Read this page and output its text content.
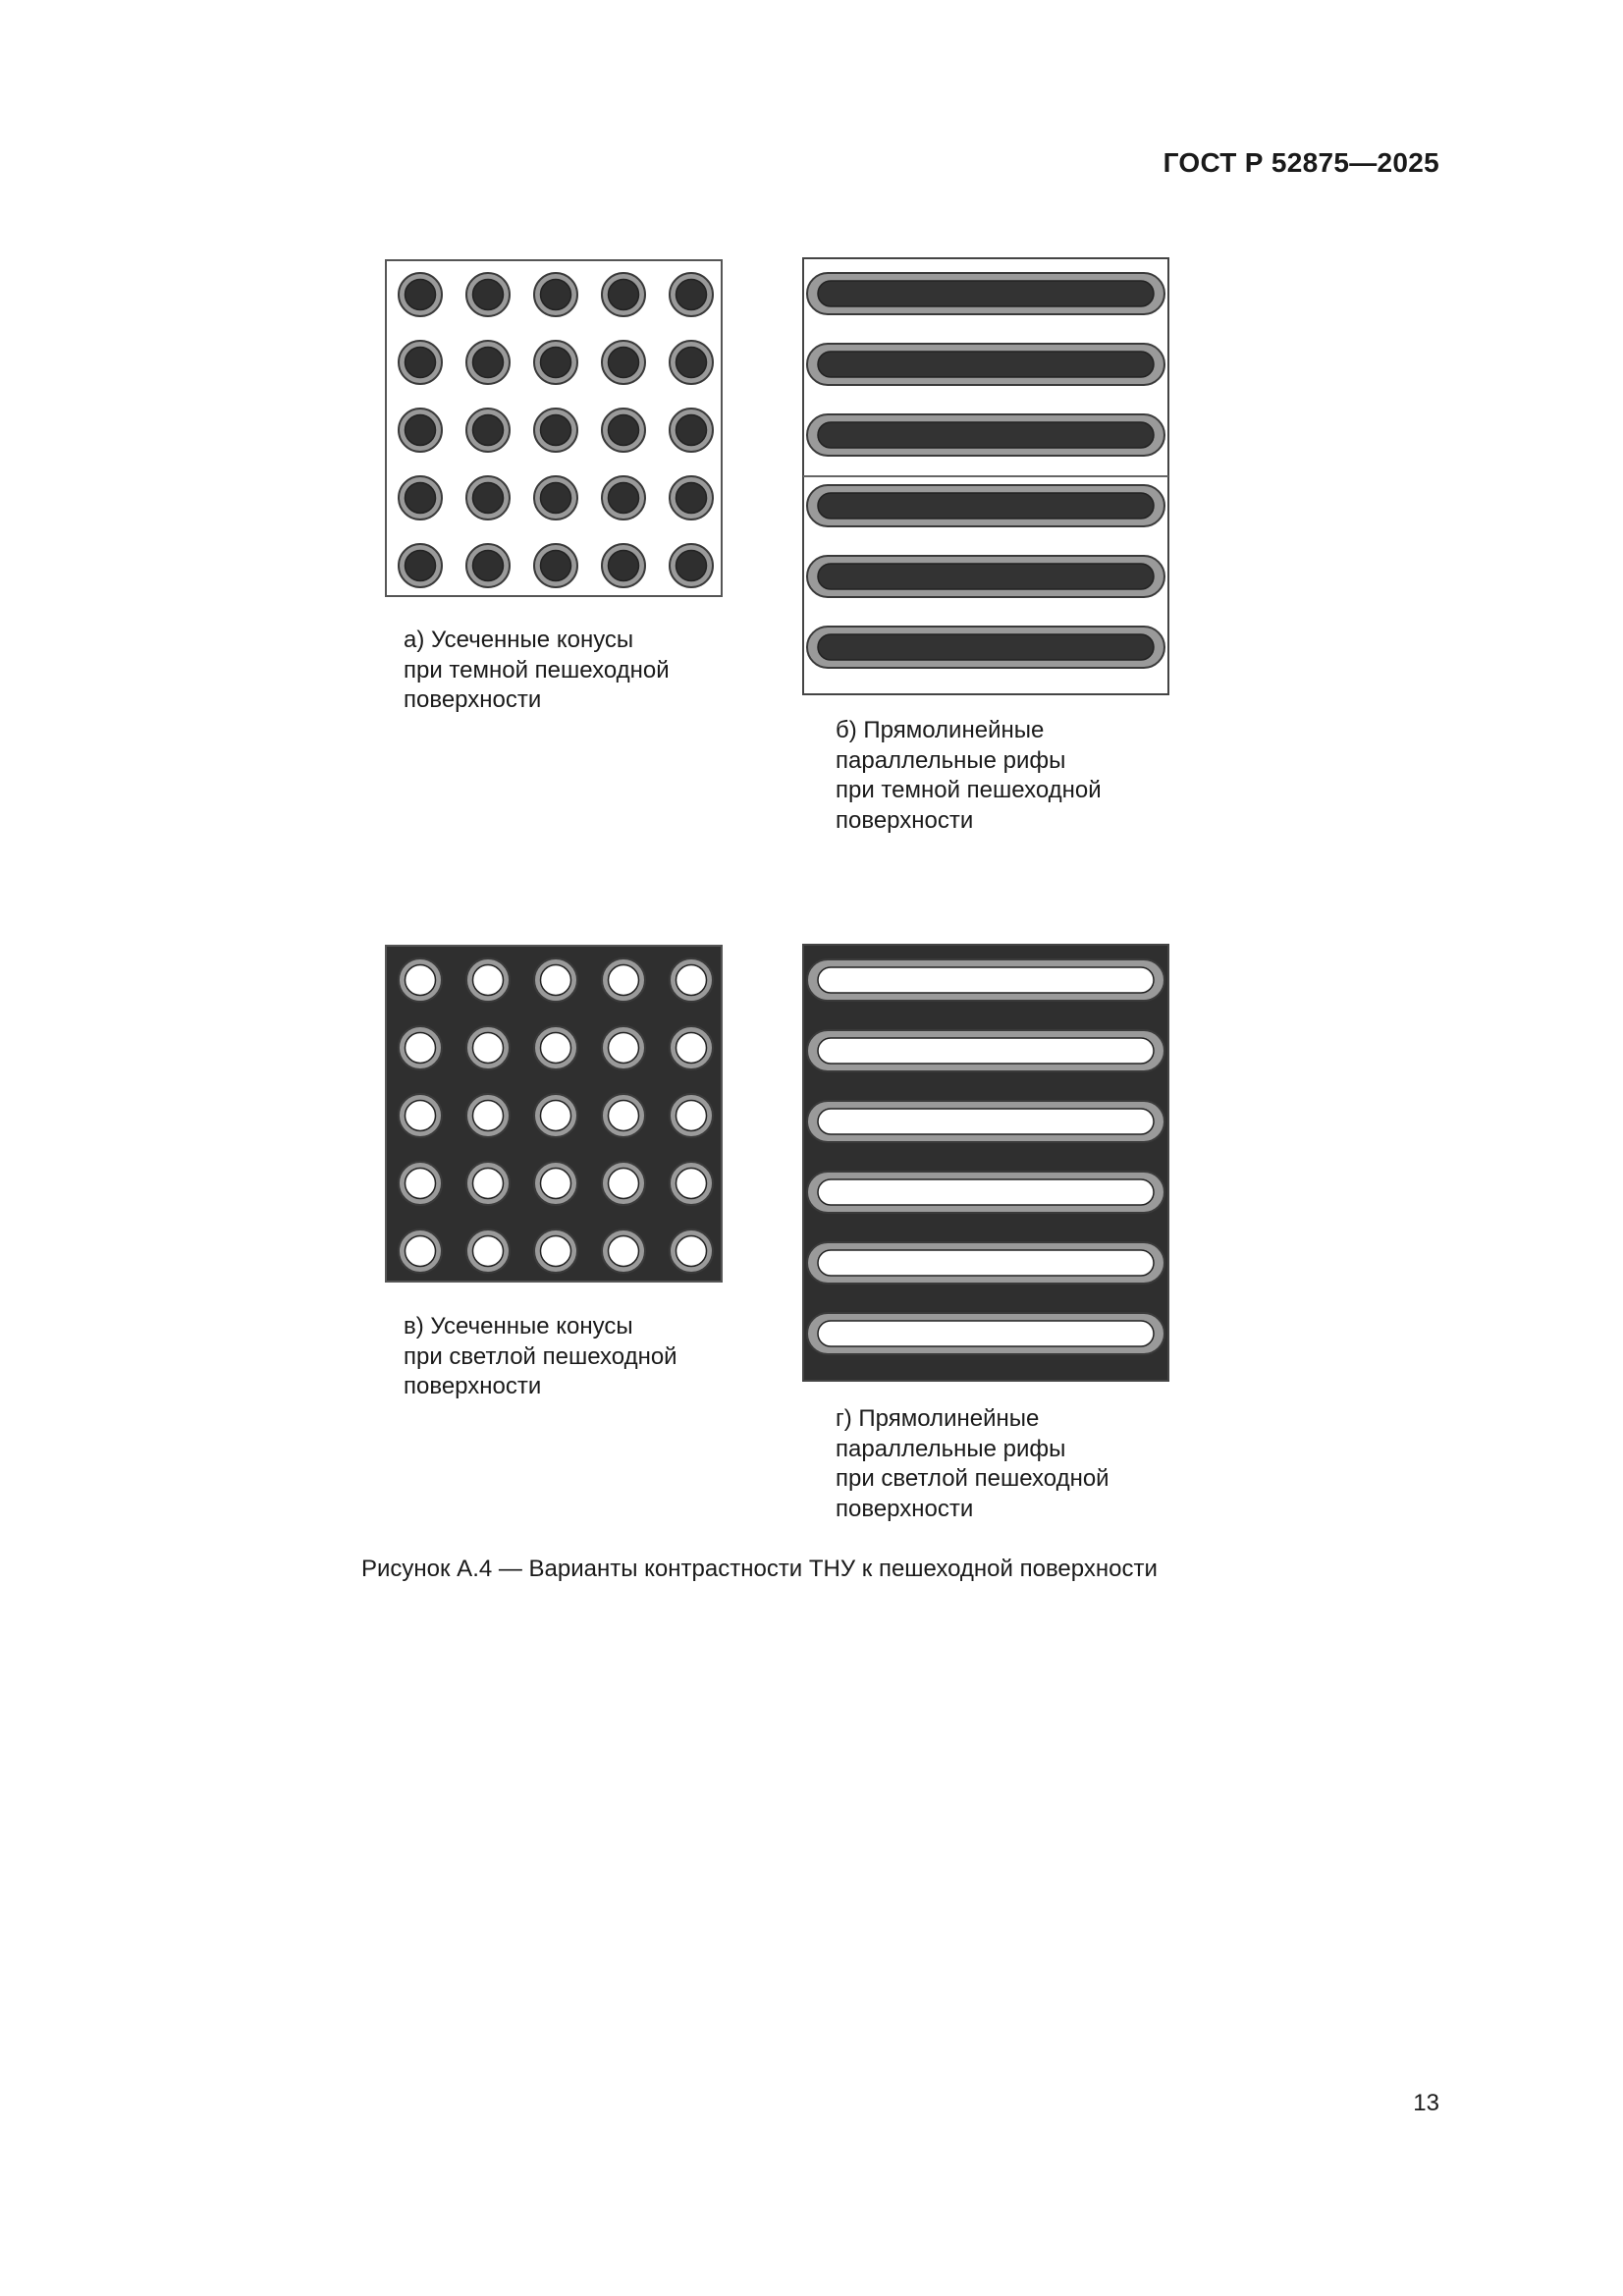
ГОСТ Р 52875—2025
а) Усеченные конусы
при темной пешеходной
поверхности
б) Прямолинейные
параллельные рифы
при темной пешеходной
поверхности
в) Усеченные конусы
при светлой пешеходной
поверхности
г) Прямолинейные
параллельные рифы
при светлой пешеходной
поверхности
Рисунок А.4 — Варианты контрастности ТНУ к пешеходной поверхности
13
